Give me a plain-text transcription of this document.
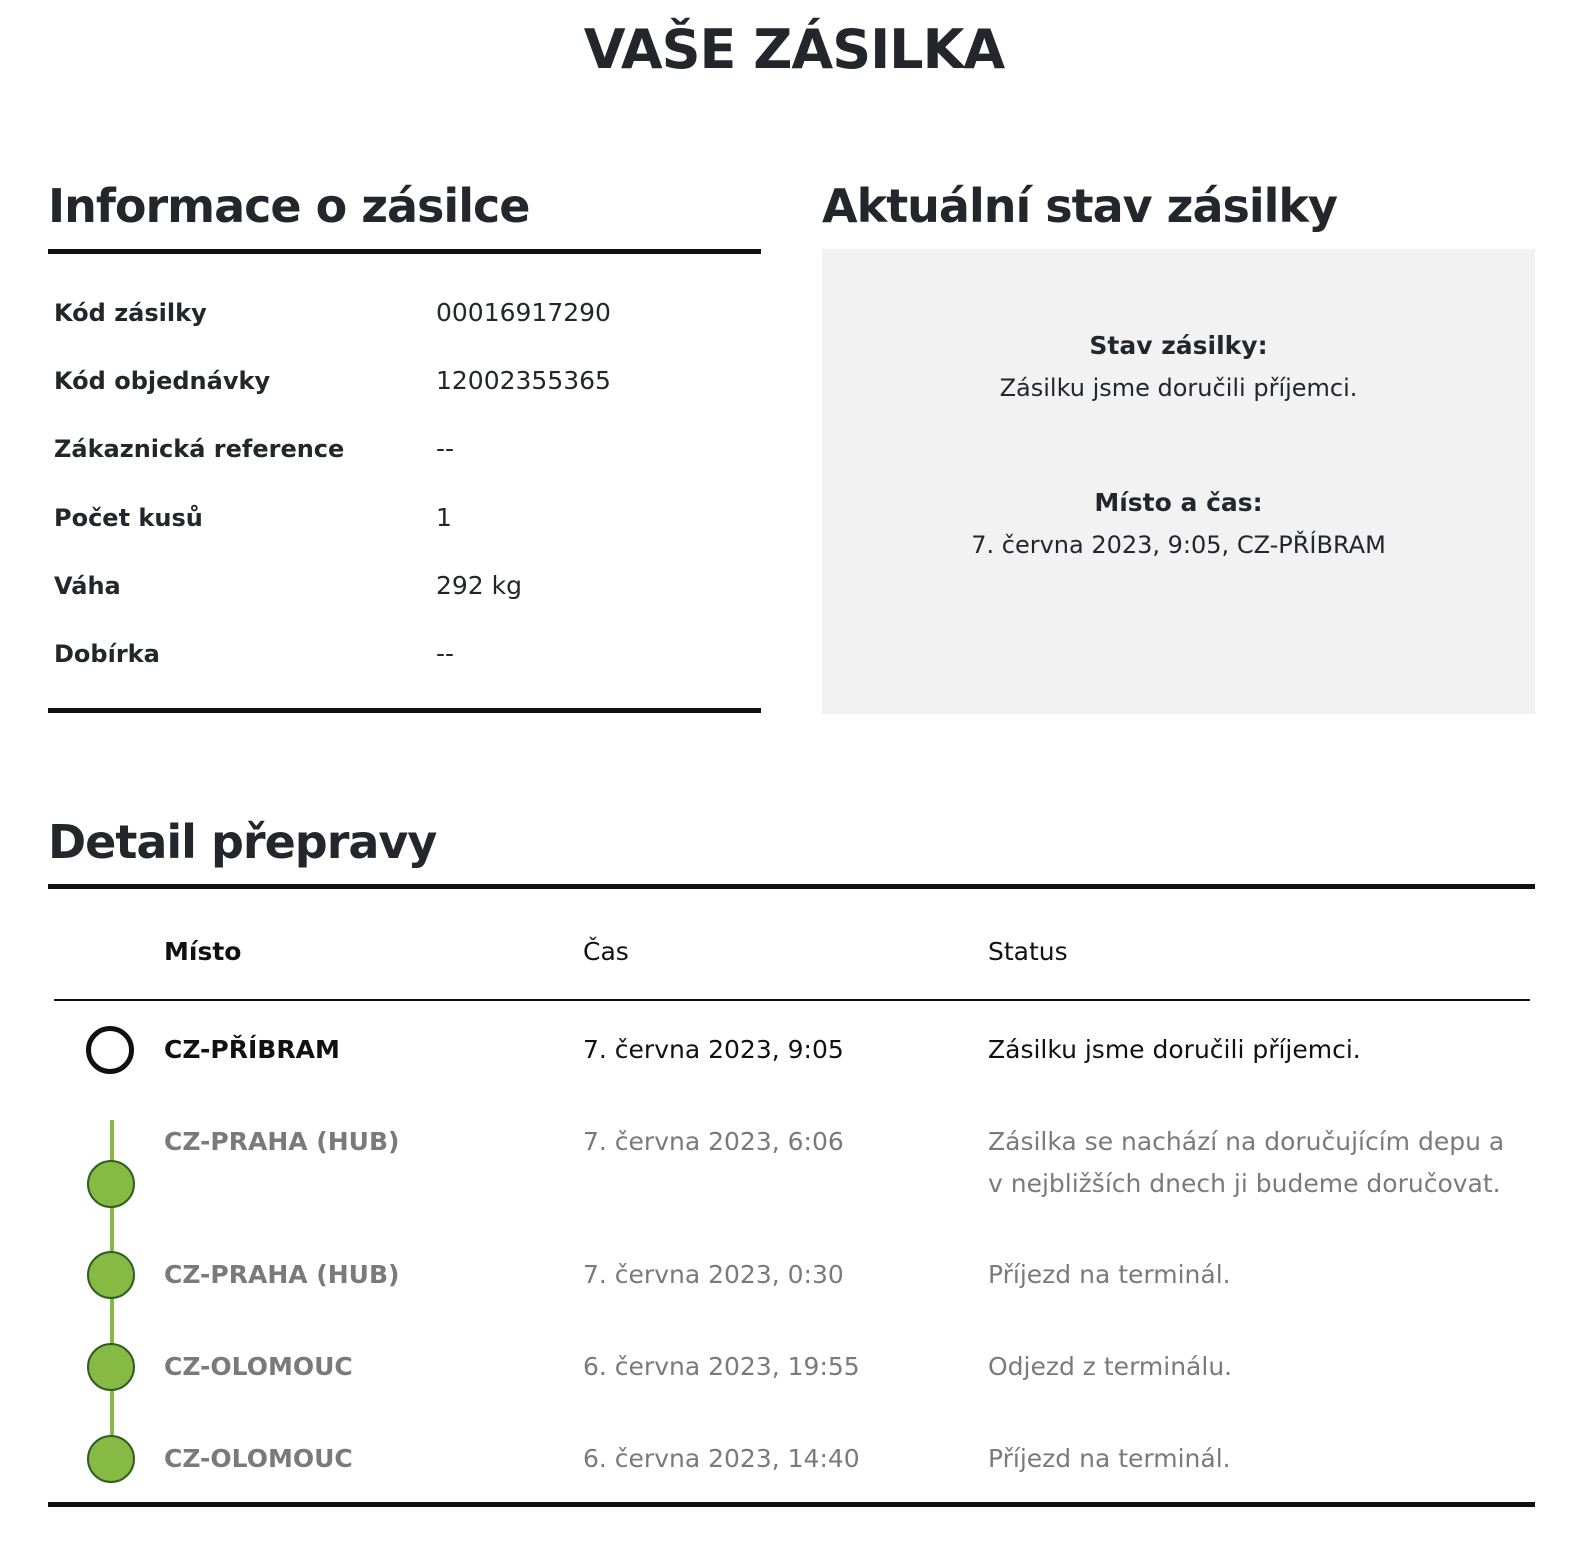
VAŠE ZÁSILKA
Informace o zásilce
Kód zásilky	00016917290
Kód objednávky	12002355365
Zákaznická reference	--
Počet kusů	1
Váha	292 kg
Dobírka	--
Aktuální stav zásilky
Stav zásilky:
Zásilku jsme doručili příjemci.
Místo a čas:
7. června 2023, 9:05, CZ-PŘÍBRAM
Detail přepravy
Místo	Čas	Status
CZ-PŘÍBRAM	7. června 2023, 9:05	Zásilku jsme doručili příjemci.
CZ-PRAHA (HUB)	7. června 2023, 6:06	Zásilka se nachází na doručujícím depu a v nejbližších dnech ji budeme doručovat.
CZ-PRAHA (HUB)	7. června 2023, 0:30	Příjezd na terminál.
CZ-OLOMOUC	6. června 2023, 19:55	Odjezd z terminálu.
CZ-OLOMOUC	6. června 2023, 14:40	Příjezd na terminál.
